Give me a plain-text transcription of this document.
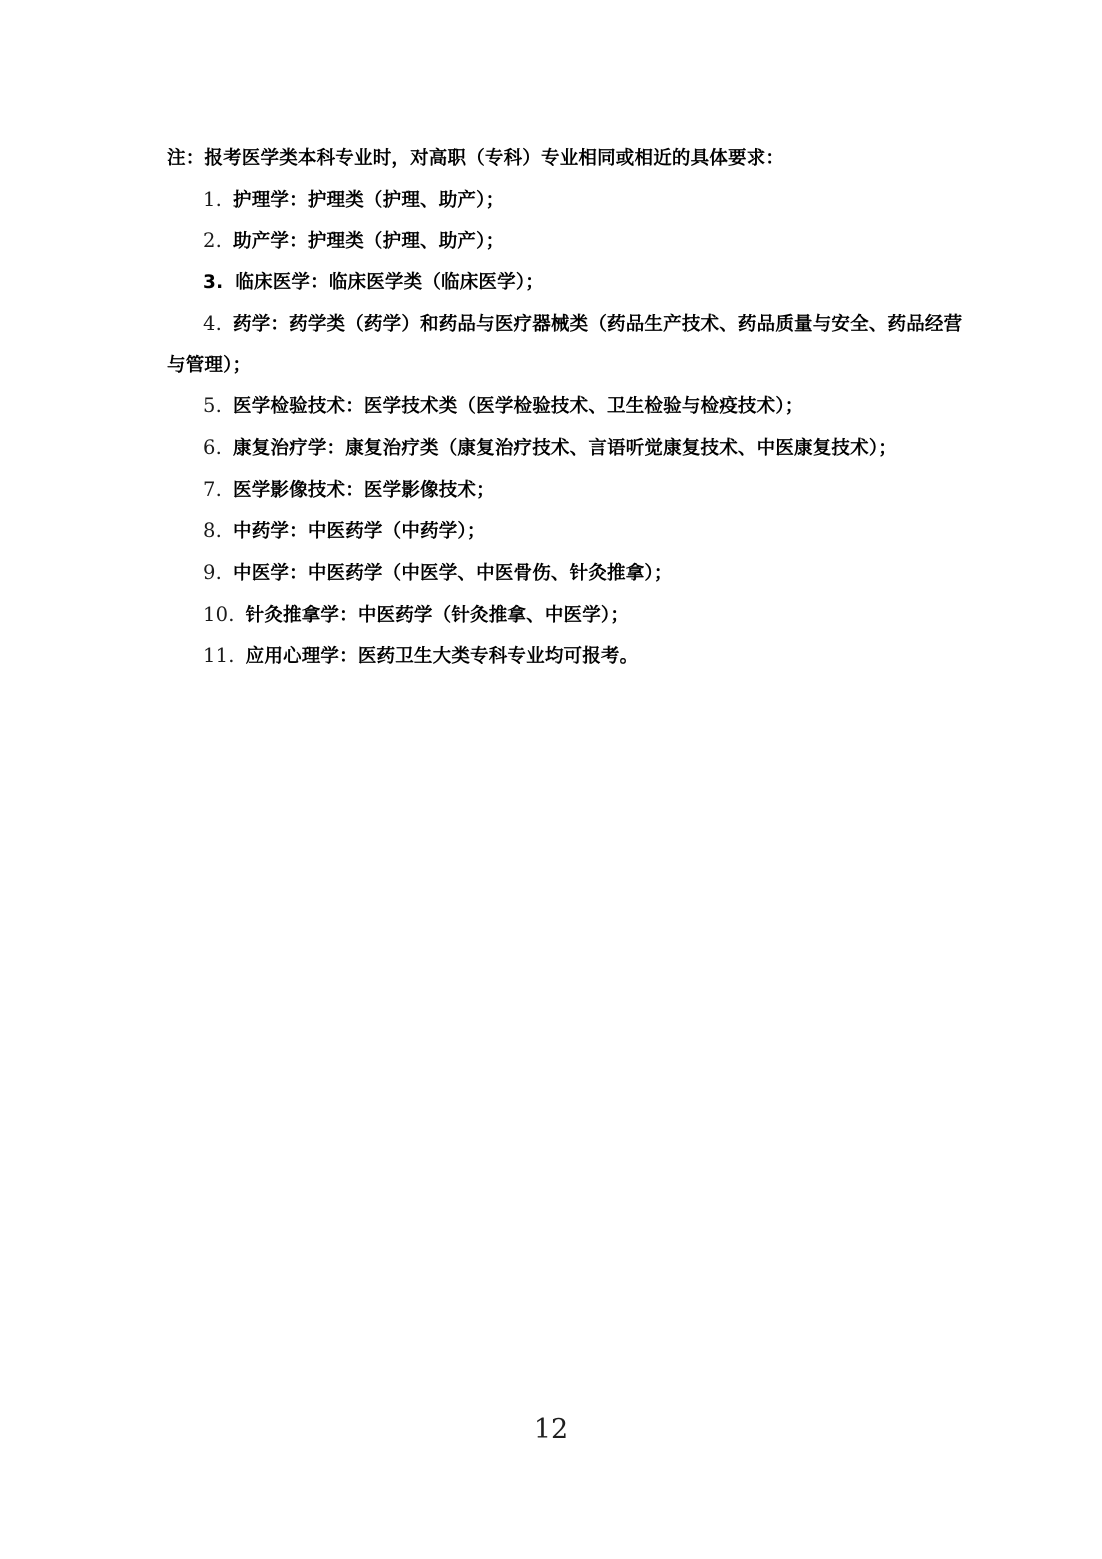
注：报考医学类本科专业时，对高职（专科）专业相同或相近的具体要求：
1. 护理学：护理类（护理、助产）；
2. 助产学：护理类（护理、助产）；
3. 临床医学：临床医学类（临床医学）；
4. 药学：药学类（药学）和药品与医疗器械类（药品生产技术、药品质量与安全、药品经营
与管理）；
5. 医学检验技术：医学技术类（医学检验技术、卫生检验与检疫技术）；
6. 康复治疗学：康复治疗类（康复治疗技术、言语听觉康复技术、中医康复技术）；
7. 医学影像技术：医学影像技术；
8. 中药学：中医药学（中药学）；
9. 中医学：中医药学（中医学、中医骨伤、针灸推拿）；
10. 针灸推拿学：中医药学（针灸推拿、中医学）；
11. 应用心理学：医药卫生大类专科专业均可报考。
12
